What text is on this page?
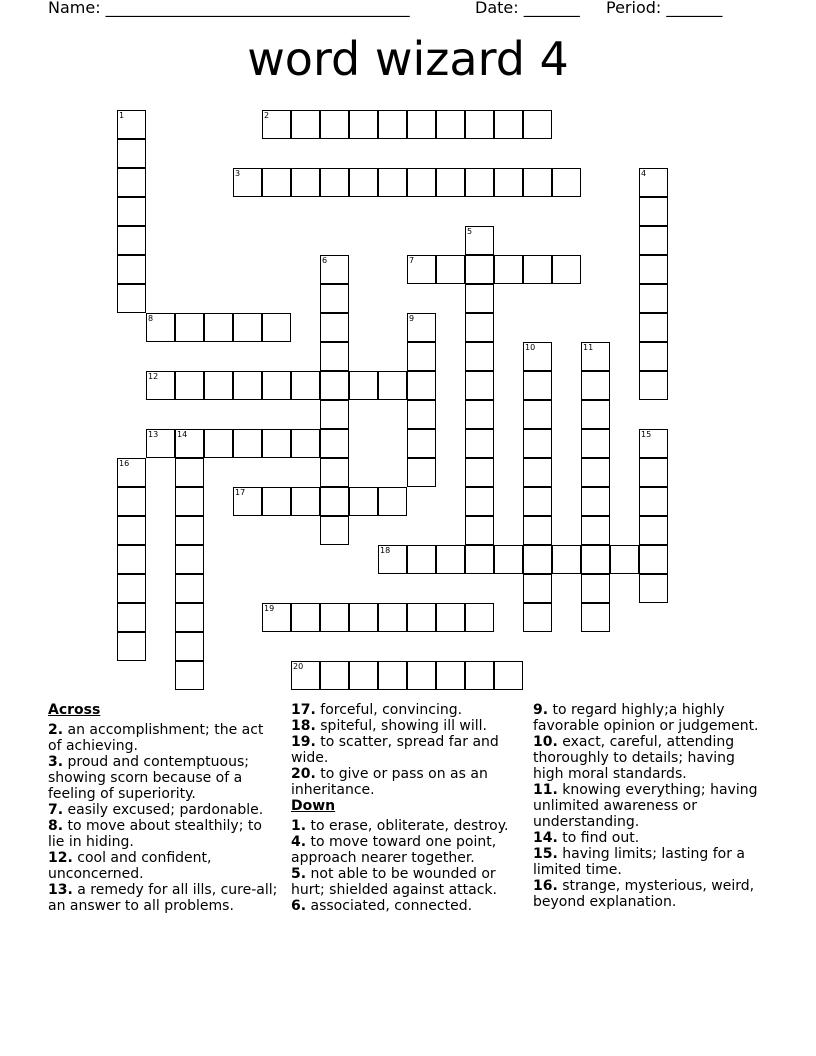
Name: ______________________________________	Date: _______ Period: _______
word wizard 4
1	2
3	4
5
6	7
8	9
10	11
12
13 14	15
16
17
18
19
20
Across
2. an accomplishment; the act of achieving.
3. proud and contemptuous; showing scorn because of a feeling of superiority.
7. easily excused; pardonable.
8. to move about stealthily; to lie in hiding.
12. cool and confident, unconcerned.
13. a remedy for all ills, cure-all; an answer to all problems.
17. forceful, convincing.
18. spiteful, showing ill will.
19. to scatter, spread far and wide.
20. to give or pass on as an inheritance.
Down
1. to erase, obliterate, destroy.
4. to move toward one point, approach nearer together.
5. not able to be wounded or hurt; shielded against attack.
6. associated, connected.
9. to regard highly;a highly favorable opinion or judgement.
10. exact, careful, attending thoroughly to details; having high moral standards.
11. knowing everything; having unlimited awareness or understanding.
14. to find out.
15. having limits; lasting for a limited time.
16. strange, mysterious, weird, beyond explanation.
